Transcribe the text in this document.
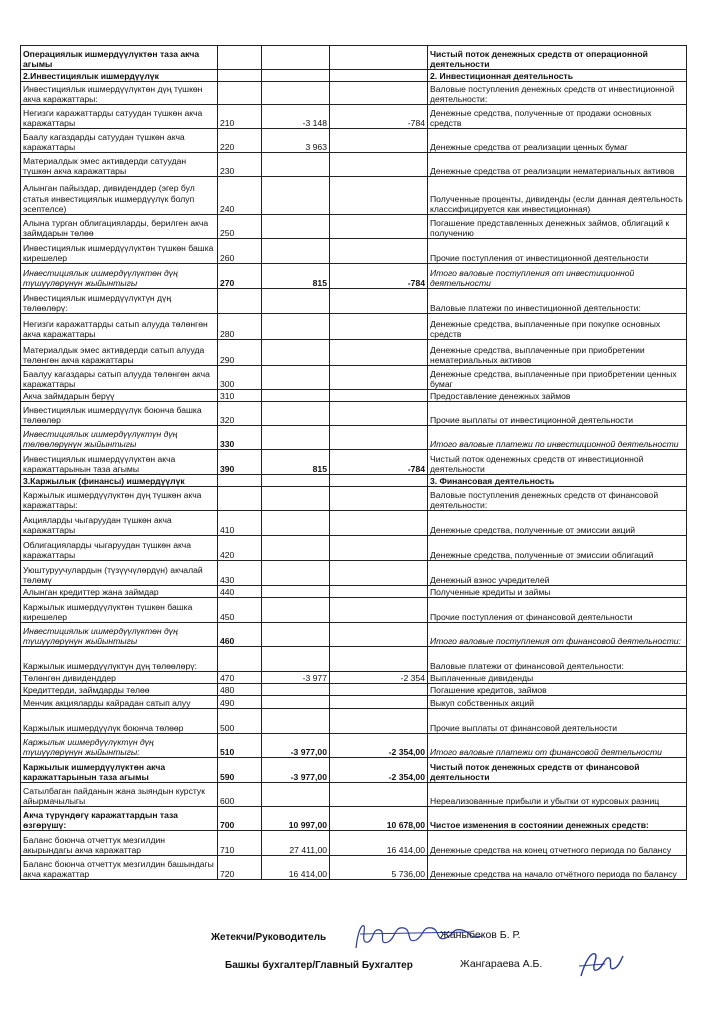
Операциялык ишмердүүлүктөн таза акча агымы				Чистый поток денежных средств от операционной деятельности
2.Инвестициялык ишмердүүлүк				2. Инвестиционная деятельность
Инвестициялык ишмердүүлүктөн дүң түшкөн акча каражаттары:				Валовые поступления денежных средств от инвестиционной деятельности:
Негизги каражаттарды сатуудан түшкөн акча каражаттары	210	-3 148	-784	Денежные средства, полученные от продажи основных средств
Баалу кагаздарды сатуудан түшкөн акча каражаттары	220	3 963		Денежные средства от реализации ценных бумаг
Материалдык эмес активдерди сатуудан түшкөн акча каражаттары	230			Денежные средства от реализации нематериальных активов
Алынган пайыздар, дивиденддер (эгер бул статья инвестициялык ишмердүүлүк болуп эсептелсе)	240			Полученные проценты, дивиденды (если данная деятельность классифицируется как инвестиционная)
Алына турган облигацияларды, берилген акча займдарын төлөө	250			Погашение представленных денежных займов, облигаций к получению
Инвестициялык ишмердүүлүктөн түшкөн башка кирешелер	260			Прочие поступления от инвестиционной деятельности
Инвестициялык ишмердүүлүктөн дүң түшүүлөрүнүн жыйынтыгы	270	815	-784	Итого валовые поступления от инвестиционной деятельности
Инвестициялык ишмердүүлүктүн дүң төлөөлөрү:				Валовые платежи по инвестиционной деятельности:
Негизги каражаттарды сатып алууда төлөнгөн акча каражаттары	280			Денежные средства, выплаченные при покупке основных средств
Материалдык эмес активдерди сатып алууда төлөнгөн акча каражаттары	290			Денежные средства, выплаченные при приобретении нематериальных активов
Баалуу кагаздары сатып алууда төлөнгөн акча каражаттары	300			Денежные средства, выплаченные при приобретении ценных бумаг
Акча займдарын берүү	310			Предоставление денежных займов
Инвестициялык ишмердүүлүк боюнча башка төлөөлөр	320			Прочие выплаты от инвестиционной деятельности
Инвестициялык ишмердүүлүктүн дүң төлөөлөрүнүн жыйынтыгы	330			Итого валовые платежи по инвестиционной деятельности
Инвестициялык ишмердүүлүктөн акча каражаттарынын таза агымы	390	815	-784	Чистый поток оденежных средств от инвестиционной деятельности
3.Каржылык (финансы) ишмердүүлүк				3. Финансовая деятельность
Каржылык ишмердүүлүктөн дүң түшкөн акча каражаттары:				Валовые поступления денежных средств от финансовой деятельности:
Акцияларды чыгаруудан түшкөн акча каражаттары	410			Денежные средства, полученные от эмиссии акций
Облигацияларды чыгаруудан түшкөн акча каражаттары	420			Денежные средства, полученные от эмиссии облигаций
Уюштуруучулардын (түзүүчүлөрдүн) акчалай төлөмү	430			Денежный взнос учредителей
Алынган кредиттер жана займдар	440			Полученные кредиты и займы
Каржылык ишмердүүлүктөн түшкөн башка кирешелер	450			Прочие поступления от финансовой деятельности
Инвестициялык ишмердүүлүктөн дүң түшүүлөрүнүн жыйынтыгы	460			Итого валовые поступления от финансовой деятельности:
Каржылык ишмердүүлүктүн дүң төлөөлөрү:				Валовые платежи от финансовой деятельности:
Төлөнгөн дивиденддер	470	-3 977	-2 354	Выплаченные дивиденды
Кредиттерди, займдарды төлөө	480			Погашение кредитов, займов
Менчик акцияларды кайрадан сатып алуу	490			Выкуп собственных акций
Каржылык ишмердүүлүк боюнча төлөөр	500			Прочие выплаты от финансовой деятельности
Каржылык ишмердүүлүктүн дүң түшүүлөрүнүн жыйынтыгы:	510	-3 977,00	-2 354,00	Итого валовые платежи от финансовой деятельности
Каржылык ишмердүүлүктөн акча каражаттарынын таза агымы	590	-3 977,00	-2 354,00	Чистый поток денежных средств от финансовой деятельности
Сатылбаган пайданын жана зыяндын курстук айырмачылыгы	600			Нереализованные прибыли и убытки от курсовых разниц
Акча түрүндөгү каражаттардын таза өзгөрүшү:	700	10 997,00	10 678,00	Чистое изменения в состоянии денежных средств:
Баланс боюнча отчеттук мезгилдин акырындагы акча каражаттар	710	27 411,00	16 414,00	Денежные средства на конец отчетного периода по балансу
Баланс боюнча отчеттук мезгилдин башындагы акча каражаттар	720	16 414,00	5 736,00	Денежные средства на начало отчётного периода по балансу
Жетекчи/Руководитель	Жаныбеков Б. Р.
Башкы бухгалтер/Главный Бухгалтер	Жангараева А.Б.
